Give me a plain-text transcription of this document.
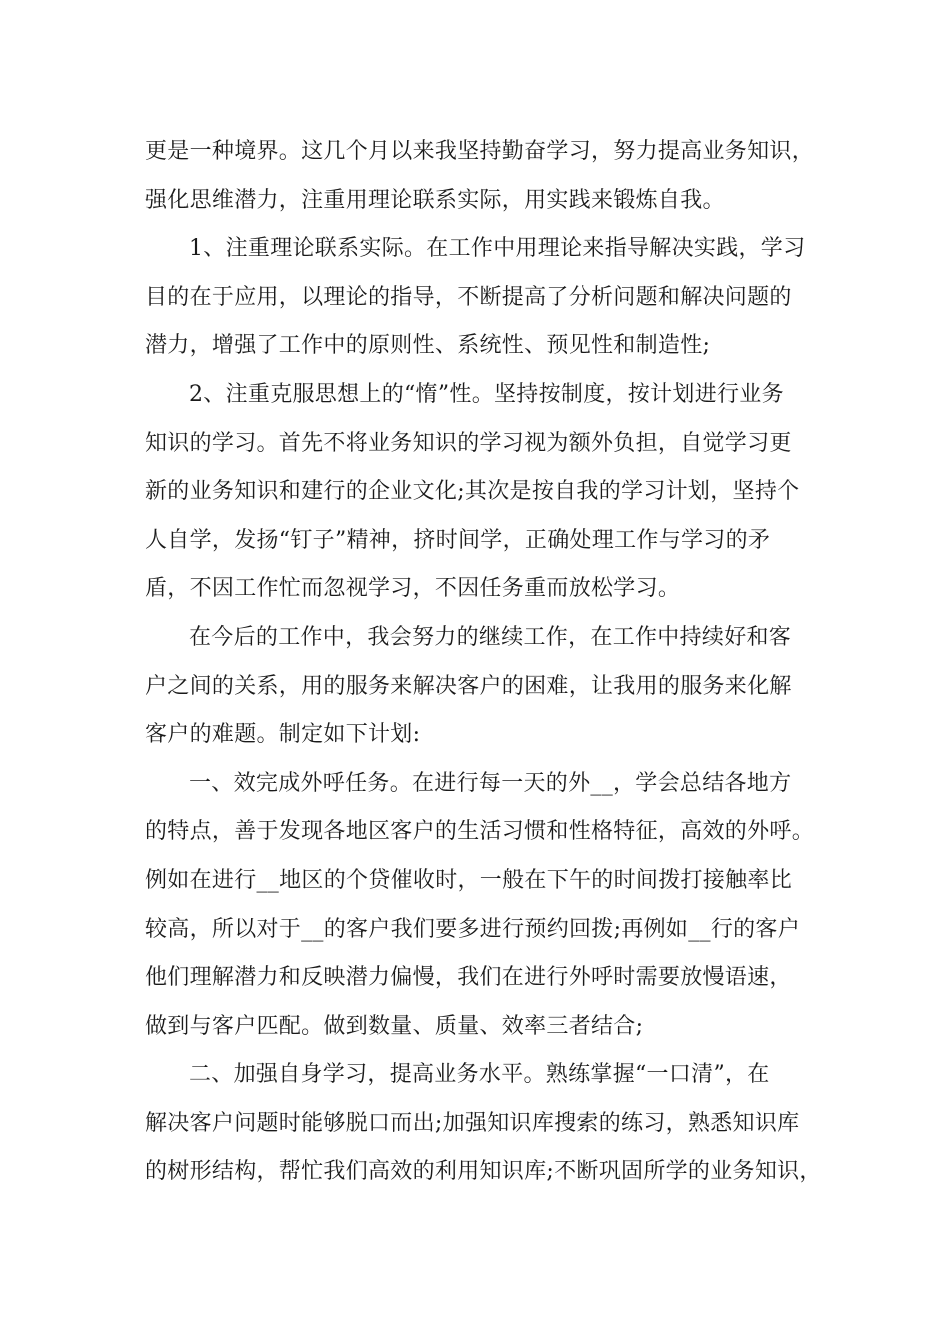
更是一种境界。这几个月以来我坚持勤奋学习，努力提高业务知识，
强化思维潜力，注重用理论联系实际，用实践来锻炼自我。
1、注重理论联系实际。在工作中用理论来指导解决实践，学习
目的在于应用，以理论的指导，不断提高了分析问题和解决问题的
潜力，增强了工作中的原则性、系统性、预见性和制造性;
2、注重克服思想上的“惰”性。坚持按制度，按计划进行业务
知识的学习。首先不将业务知识的学习视为额外负担，自觉学习更
新的业务知识和建行的企业文化;其次是按自我的学习计划，坚持个
人自学，发扬“钉子”精神，挤时间学，正确处理工作与学习的矛
盾，不因工作忙而忽视学习，不因任务重而放松学习。
在今后的工作中，我会努力的继续工作，在工作中持续好和客
户之间的关系，用的服务来解决客户的困难，让我用的服务来化解
客户的难题。制定如下计划:
一、效完成外呼任务。在进行每一天的外__，学会总结各地方
的特点，善于发现各地区客户的生活习惯和性格特征，高效的外呼。
例如在进行__地区的个贷催收时，一般在下午的时间拨打接触率比
较高，所以对于__的客户我们要多进行预约回拨;再例如__行的客户
他们理解潜力和反映潜力偏慢，我们在进行外呼时需要放慢语速，
做到与客户匹配。做到数量、质量、效率三者结合;
二、加强自身学习，提高业务水平。熟练掌握“一口清”，在
解决客户问题时能够脱口而出;加强知识库搜索的练习，熟悉知识库
的树形结构，帮忙我们高效的利用知识库;不断巩固所学的业务知识，
